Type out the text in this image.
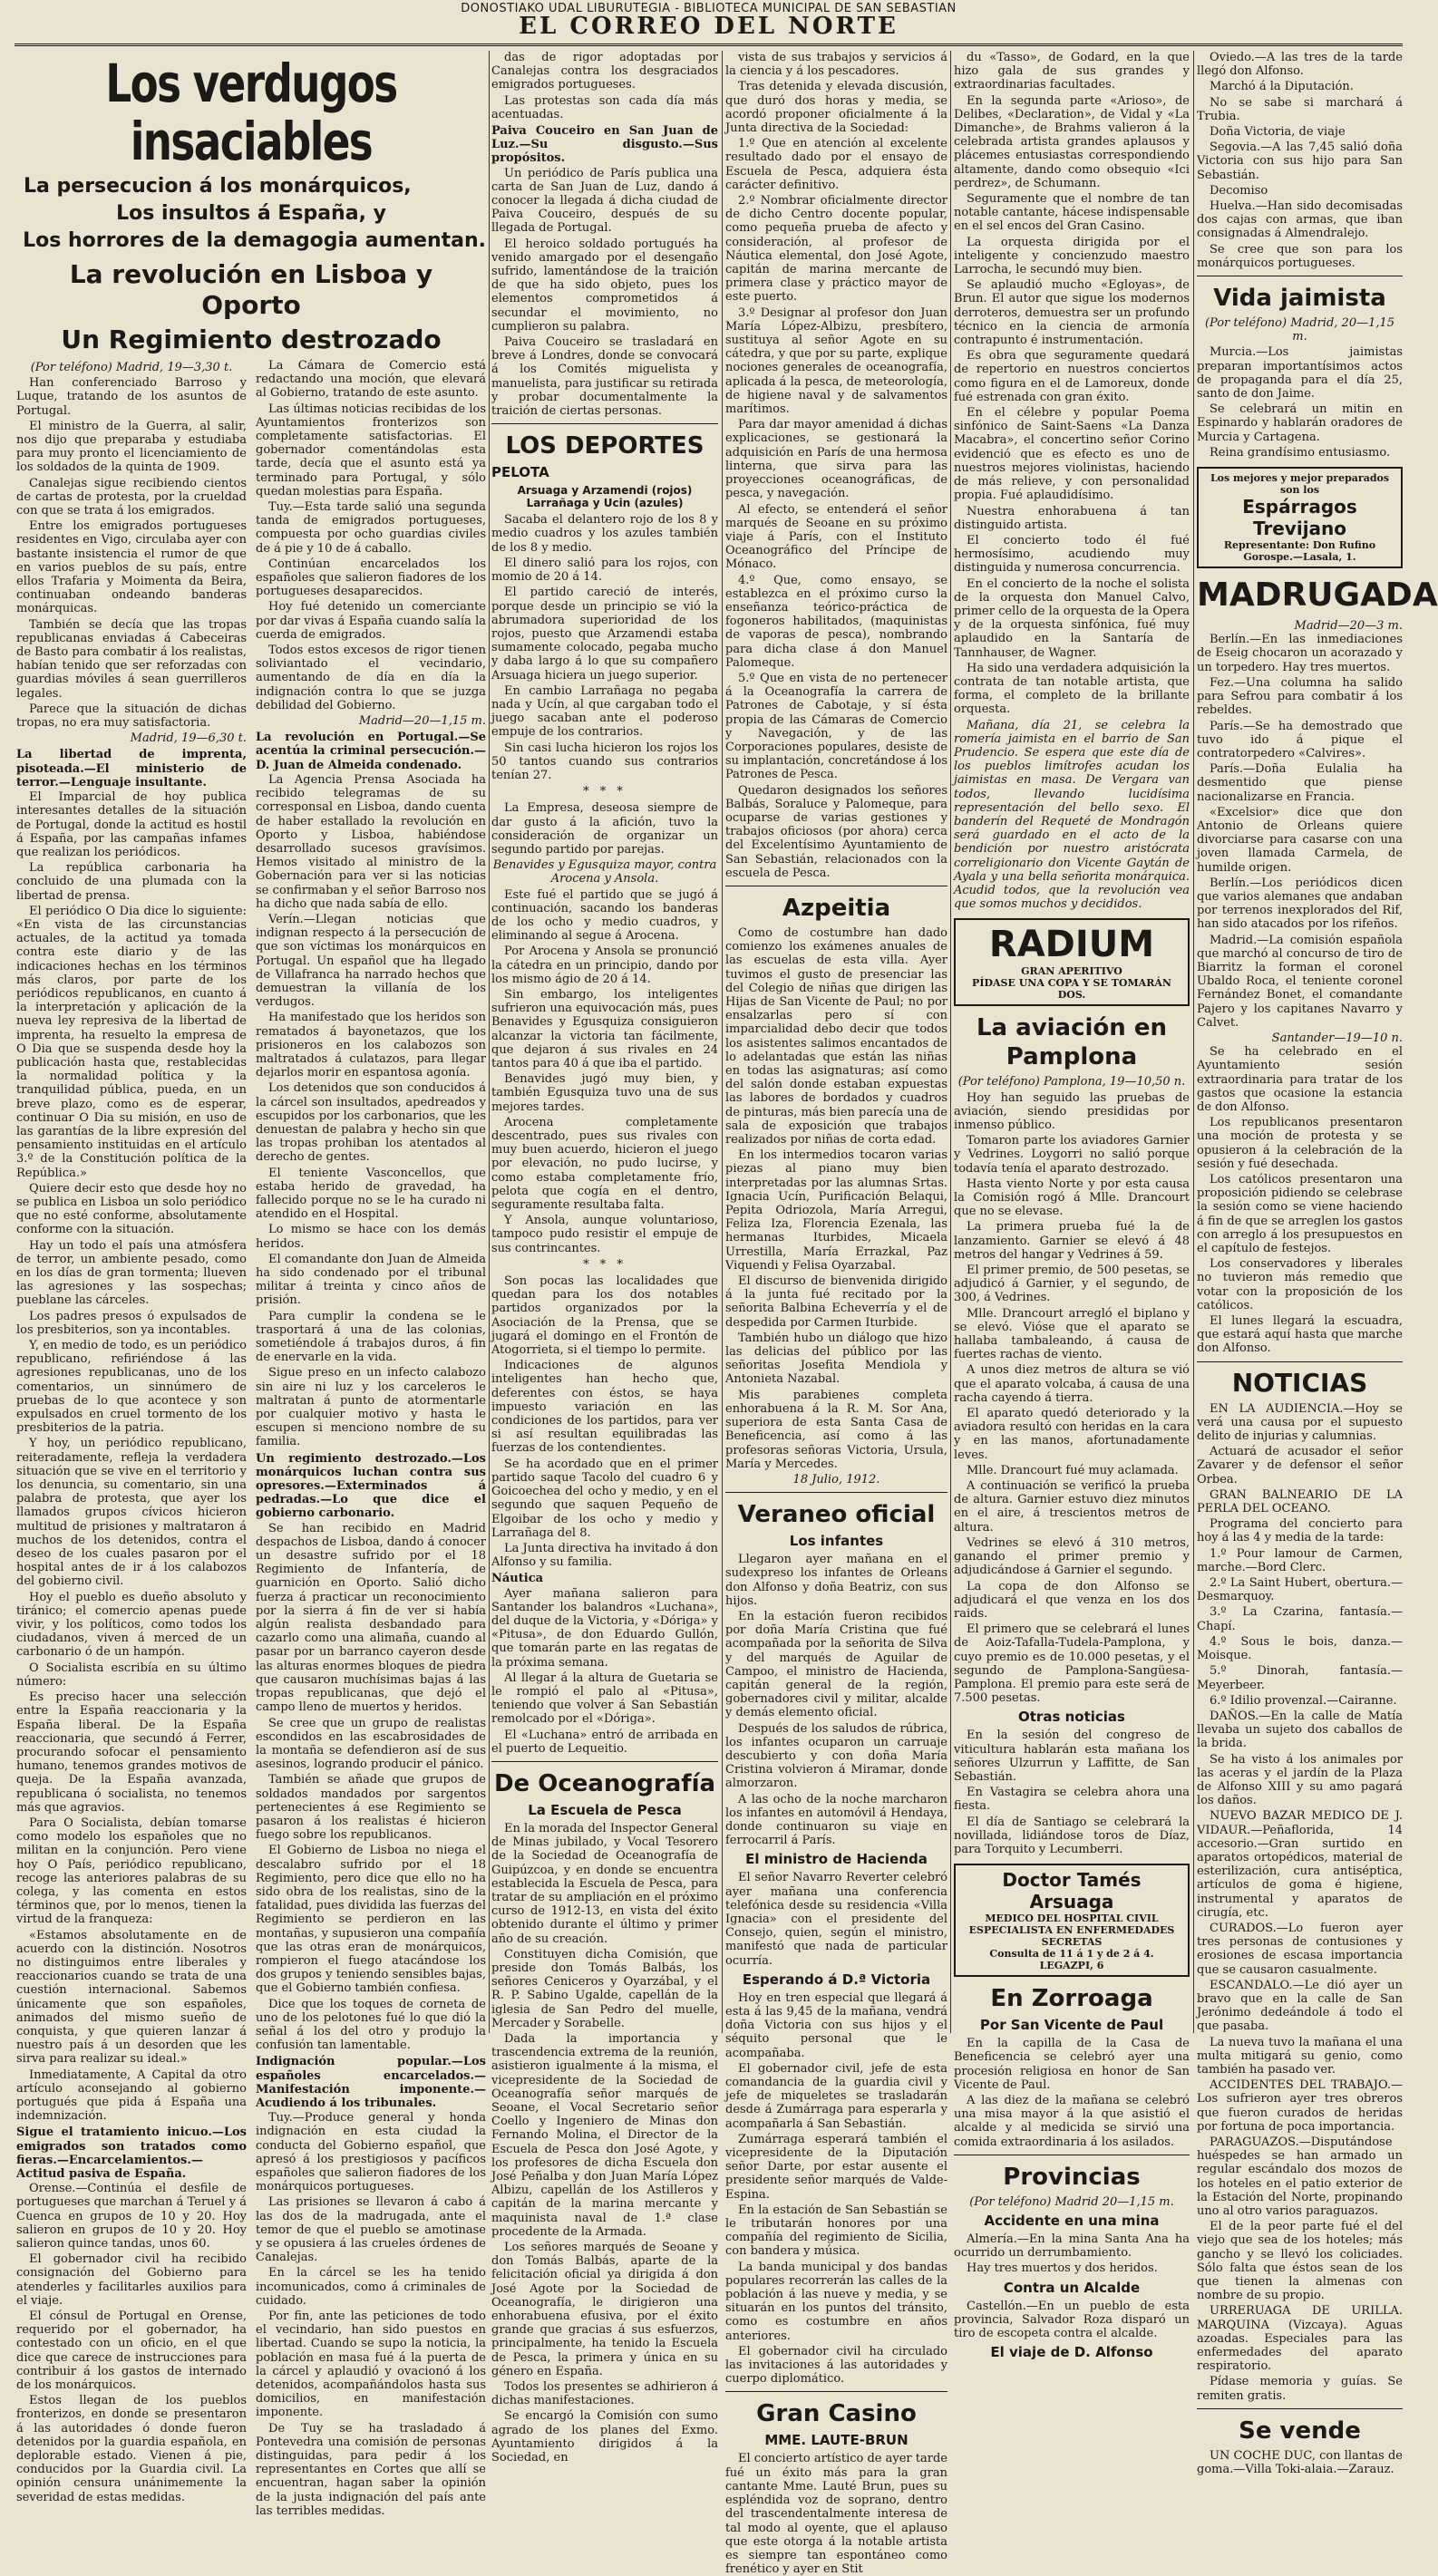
DONOSTIAKO UDAL LIBURUTEGIA - BIBLIOTECA MUNICIPAL DE SAN SEBASTIAN
EL CORREO DEL NORTE
Los verdugos insaciables
La persecucion á los monárquicos,
Los insultos á España, y
Los horrores de la demagogia aumentan.
La revolución en Lisboa y Oporto
Un Regimiento destrozado
(Por teléfono) Madrid, 19—3,30 t.

Han conferenciado Barroso y Luque, tratando de los asuntos de Portugal.

El ministro de la Guerra, al salir, nos dijo que preparaba y estudiaba para muy pronto el licenciamiento de los soldados de la quinta de 1909.

Canalejas sigue recibiendo cientos de cartas de protesta, por la crueldad con que se trata á los emigrados.

Entre los emigrados portugueses residentes en Vigo, circulaba ayer con bastante insistencia el rumor de que en varios pueblos de su país, entre ellos Trafaria y Moimenta da Beira, continuaban ondeando banderas monárquicas.

También se decía que las tropas republicanas enviadas á Cabeceiras de Basto para combatir á los realistas, habían tenido que ser reforzadas con guardias móviles á sean guerrilleros legales.

Parece que la situación de dichas tropas, no era muy satisfactoria.

Madrid, 19—6,30 t.
La libertad de imprenta, pisoteada.—El ministerio de terror.—Lenguaje insultante.

El Imparcial de hoy publica interesantes detalles de la situación de Portugal, donde la actitud es hostil á España, por las campañas infames que realizan los periódicos.

La república carbonaria ha concluido de una plumada con la libertad de prensa.

El periódico O Dia dice lo siguiente: «En vista de las circunstancias actuales, de la actitud ya tomada contra este diario y de las indicaciones hechas en los términos más claros, por parte de los periódicos republicanos, en cuanto á la interpretación y aplicación de la nueva ley represiva de la libertad de imprenta, ha resuelto la empresa de O Dia que se suspenda desde hoy la publicación hasta que, restablecidas la normalidad política y la tranquilidad pública, pueda, en un breve plazo, como es de esperar, continuar O Dia su misión, en uso de las garantías de la libre expresión del pensamiento instituidas en el artículo 3.º de la Constitución política de la República.»

Quiere decir esto que desde hoy no se publica en Lisboa un solo periódico que no esté conforme, absolutamente conforme con la situación.

Hay un todo el país una atmósfera de terror, un ambiente pesado, como en los días de gran tormenta; llueven las agresiones y las sospechas; pueblane las cárceles.

Los padres presos ó expulsados de los presbiterios, son ya incontables.

Y, en medio de todo, es un periódico republicano, refiriéndose á las agresiones republicanas, uno de los comentarios, un sinnúmero de pruebas de lo que acontece y son expulsados en cruel tormento de los presbiterios de la patria.

Y hoy, un periódico republicano, reiteradamente, refleja la verdadera situación que se vive en el territorio y los denuncia, su comentario, sin una palabra de protesta, que ayer los llamados grupos cívicos hicieron multitud de prisiones y maltrataron á muchos de los detenidos, contra el deseo de los cuales pasaron por el hospital antes de ir á los calabozos del gobierno civil.

Hoy el pueblo es dueño absoluto y tiránico; el comercio apenas puede vivir, y los políticos, como todos los ciudadanos, viven á merced de un carbonario ó de un hampón.

O Socialista escribía en su último número:

Es preciso hacer una selección entre la España reaccionaria y la España liberal. De la España reaccionaria, que secundó á Ferrer, procurando sofocar el pensamiento humano, tenemos grandes motivos de queja. De la España avanzada, republicana ó socialista, no tenemos más que agravios.

Para O Socialista, debían tomarse como modelo los españoles que no militan en la conjunción. Pero viene hoy O País, periódico republicano, recoge las anteriores palabras de su colega, y las comenta en estos términos que, por lo menos, tienen la virtud de la franqueza:

«Estamos absolutamente en de acuerdo con la distinción. Nosotros no distinguimos entre liberales y reaccionarios cuando se trata de una cuestión internacional. Sabemos únicamente que son españoles, animados del mismo sueño de conquista, y que quieren lanzar á nuestro país á un desorden que les sirva para realizar su ideal.»

Inmediatamente, A Capital da otro artículo aconsejando al gobierno portugués que pida á España una indemnización.

Sigue el tratamiento inicuo.—Los emigrados son tratados como fieras.—Encarcelamientos.—Actitud pasiva de España.

Orense.—Continúa el desfile de portugueses que marchan á Teruel y á Cuenca en grupos de 10 y 20. Hoy salieron en grupos de 10 y 20. Hoy salieron quince tandas, unos 60.

El gobernador civil ha recibido consignación del Gobierno para atenderles y facilitarles auxilios para el viaje.

El cónsul de Portugal en Orense, requerido por el gobernador, ha contestado con un oficio, en el que dice que carece de instrucciones para contribuir á los gastos de internado de los monárquicos.

Estos llegan de los pueblos fronterizos, en donde se presentaron á las autoridades ó donde fueron detenidos por la guardia española, en deplorable estado. Vienen á pie, conducidos por la Guardia civil. La opinión censura unánimemente la severidad de estas medidas.

La Cámara de Comercio está redactando una moción, que elevará al Gobierno, tratando de este asunto.

Las últimas noticias recibidas de los Ayuntamientos fronterizos son completamente satisfactorias. El gobernador comentándolas esta tarde, decía que el asunto está ya terminado para Portugal, y sólo quedan molestias para España.

Tuy.—Esta tarde salió una segunda tanda de emigrados portugueses, compuesta por ocho guardias civiles de á pie y 10 de á caballo.

Continúan encarcelados los españoles que salieron fiadores de los portugueses desaparecidos.

Hoy fué detenido un comerciante por dar vivas á España cuando salía la cuerda de emigrados.

Todos estos excesos de rigor tienen soliviantado el vecindario, aumentando de día en día la indignación contra lo que se juzga debilidad del Gobierno.

Madrid—20—1,15 m.
La revolución en Portugal.—Se acentúa la criminal persecución.—D. Juan de Almeida condenado.

La Agencia Prensa Asociada ha recibido telegramas de su corresponsal en Lisboa, dando cuenta de haber estallado la revolución en Oporto y Lisboa, habiéndose desarrollado sucesos gravísimos. Hemos visitado al ministro de la Gobernación para ver si las noticias se confirmaban y el señor Barroso nos ha dicho que nada sabía de ello.

Verín.—Llegan noticias que indignan respecto á la persecución de que son víctimas los monárquicos en Portugal. Un español que ha llegado de Villafranca ha narrado hechos que demuestran la villanía de los verdugos.

Ha manifestado que los heridos son rematados á bayonetazos, que los prisioneros en los calabozos son maltratados á culatazos, para llegar dejarlos morir en espantosa agonía.

Los detenidos que son conducidos á la cárcel son insultados, apedreados y escupidos por los carbonarios, que les denuestan de palabra y hecho sin que las tropas prohiban los atentados al derecho de gentes.

El teniente Vasconcellos, que estaba herido de gravedad, ha fallecido porque no se le ha curado ni atendido en el Hospital.

Lo mismo se hace con los demás heridos.

El comandante don Juan de Almeida ha sido condenado por el tribunal militar á treinta y cinco años de prisión.

Para cumplir la condena se le trasportará á una de las colonias, sometiéndole á trabajos duros, á fin de enervarle en la vida.

Sigue preso en un infecto calabozo sin aire ni luz y los carceleros le maltratan á punto de atormentarle por cualquier motivo y hasta le escupen si menciono nombre de su familia.

Un regimiento destrozado.—Los monárquicos luchan contra sus opresores.—Exterminados á pedradas.—Lo que dice el gobierno carbonario.

Se han recibido en Madrid despachos de Lisboa, dando á conocer un desastre sufrido por el 18 Regimiento de Infantería, de guarnición en Oporto. Salió dicho fuerza á practicar un reconocimiento por la sierra á fin de ver si había algún realista desbandado para cazarlo como una alimaña, cuando al pasar por un barranco cayeron desde las alturas enormes bloques de piedra que causaron muchísimas bajas á las tropas republicanas, que dejó el campo lleno de muertos y heridos.

Se cree que un grupo de realistas escondidos en las escabrosidades de la montaña se defendieron así de sus asesinos, logrando producir el pánico.

También se añade que grupos de soldados mandados por sargentos pertenecientes á ese Regimiento se pasaron á los realistas é hicieron fuego sobre los republicanos.

El Gobierno de Lisboa no niega el descalabro sufrido por el 18 Regimiento, pero dice que ello no ha sido obra de los realistas, sino de la fatalidad, pues dividida las fuerzas del Regimiento se perdieron en las montañas, y supusieron una compañía que las otras eran de monárquicos, rompieron el fuego atacándose los dos grupos y teniendo sensibles bajas, que el Gobierno también confiesa.

Dice que los toques de corneta de uno de los pelotones fué lo que dió la señal á los del otro y produjo la confusión tan lamentable.

Indignación popular.—Los españoles encarcelados.—Manifestación imponente.—Acudiendo á los tribunales.

Tuy.—Produce general y honda indignación en esta ciudad la conducta del Gobierno español, que apresó á los prestigiosos y pacíficos españoles que salieron fiadores de los monárquicos portugueses.

Las prisiones se llevaron á cabo á las dos de la madrugada, ante el temor de que el pueblo se amotinase y se opusiera á las crueles órdenes de Canalejas.

En la cárcel se les ha tenido incomunicados, como á criminales de cuidado.

Por fin, ante las peticiones de todo el vecindario, han sido puestos en libertad. Cuando se supo la noticia, la población en masa fué á la puerta de la cárcel y aplaudió y ovacionó á los detenidos, acompañándolos hasta sus domicilios, en manifestación imponente.

De Tuy se ha trasladado á Pontevedra una comisión de personas distinguidas, para pedir á los representantes en Cortes que allí se encuentran, hagan saber la opinión de la justa indignación del país ante las terribles medidas.

das de rigor adoptadas por Canalejas contra los desgraciados emigrados portugueses.

Las protestas son cada día más acentuadas.

Paiva Couceiro en San Juan de Luz.—Su disgusto.—Sus propósitos.

Un periódico de París publica una carta de San Juan de Luz, dando á conocer la llegada á dicha ciudad de Paiva Couceiro, después de su llegada de Portugal.

El heroico soldado portugués ha venido amargado por el desengaño sufrido, lamentándose de la traición de que ha sido objeto, pues los elementos comprometidos á secundar el movimiento, no cumplieron su palabra.

Paiva Couceiro se trasladará en breve á Londres, donde se convocará á los Comités miguelista y manuelista, para justificar su retirada y probar documentalmente la traición de ciertas personas.

LOS DEPORTES
PELOTA
Arsuaga y Arzamendi (rojos) Larrañaga y Ucin (azules)

Sacaba el delantero rojo de los 8 y medio cuadros y los azules también de los 8 y medio.

El dinero salió para los rojos, con momio de 20 á 14.

El partido careció de interés, porque desde un principio se vió la abrumadora superioridad de los rojos, puesto que Arzamendi estaba sumamente colocado, pegaba mucho y daba largo á lo que su compañero Arsuaga hiciera un juego superior.

En cambio Larrañaga no pegaba nada y Ucín, al que cargaban todo el juego sacaban ante el poderoso empuje de los contrarios.

Sin casi lucha hicieron los rojos los 50 tantos cuando sus contrarios tenían 27.

* * *

La Empresa, deseosa siempre de dar gusto á la afición, tuvo la consideración de organizar un segundo partido por parejas.

Benavides y Egusquiza mayor, contra Arocena y Ansola.

Este fué el partido que se jugó á continuación, sacando los banderas de los ocho y medio cuadros, y eliminando al segue á Arocena.

Por Arocena y Ansola se pronunció la cátedra en un principio, dando por los mismo ágio de 20 á 14.

Sin embargo, los inteligentes sufrieron una equivocación más, pues Benavides y Egusquiza consiguieron alcanzar la victoria tan fácilmente, que dejaron á sus rivales en 24 tantos para 40 á que iba el partido.

Benavides jugó muy bien, y también Egusquiza tuvo una de sus mejores tardes.

Arocena completamente descentrado, pues sus rivales con muy buen acuerdo, hicieron el juego por elevación, no pudo lucirse, y como estaba completamente frío, pelota que cogía en el dentro, seguramente resultaba falta.

Y Ansola, aunque voluntarioso, tampoco pudo resistir el empuje de sus contrincantes.

* * *

Son pocas las localidades que quedan para los dos notables partidos organizados por la Asociación de la Prensa, que se jugará el domingo en el Frontón de Atogorrieta, si el tiempo lo permite.

Indicaciones de algunos inteligentes han hecho que, deferentes con éstos, se haya impuesto variación en las condiciones de los partidos, para ver si así resultan equilibradas las fuerzas de los contendientes.

Se ha acordado que en el primer partido saque Tacolo del cuadro 6 y Goicoechea del ocho y medio, y en el segundo que saquen Pequeño de Elgoibar de los ocho y medio y Larrañaga del 8.

La Junta directiva ha invitado á don Alfonso y su familia.

Náutica

Ayer mañana salieron para Santander los balandros «Luchana», del duque de la Victoria, y «Dóriga» y «Pitusa», de don Eduardo Gullón, que tomarán parte en las regatas de la próxima semana.

Al llegar á la altura de Guetaria se le rompió el palo al «Pitusa», teniendo que volver á San Sebastián remolcado por el «Dóriga».

El «Luchana» entró de arribada en el puerto de Lequeitio.

De Oceanografía
La Escuela de Pesca

En la morada del Inspector General de Minas jubilado, y Vocal Tesorero de la Sociedad de Oceanografía de Guipúzcoa, y en donde se encuentra establecida la Escuela de Pesca, para tratar de su ampliación en el próximo curso de 1912-13, en vista del éxito obtenido durante el último y primer año de su creación.

Constituyen dicha Comisión, que preside don Tomás Balbás, los señores Ceniceros y Oyarzábal, y el R. P. Sabino Ugalde, capellán de la iglesia de San Pedro del muelle, Mercader y Sorabelle.

Dada la importancia y trascendencia extrema de la reunión, asistieron igualmente á la misma, el vicepresidente de la Sociedad de Oceanografía señor marqués de Seoane, el Vocal Secretario señor Coello y Ingeniero de Minas don Fernando Molina, el Director de la Escuela de Pesca don José Agote, y los profesores de dicha Escuela don José Peñalba y don Juan María López Albizu, capellán de los Astilleros y capitán de la marina mercante y maquinista naval de 1.ª clase procedente de la Armada.

Los señores marqués de Seoane y don Tomás Balbás, aparte de la felicitación oficial ya dirigida á don José Agote por la Sociedad de Oceanografía, le dirigieron una enhorabuena efusiva, por el éxito grande que gracias á sus esfuerzos, principalmente, ha tenido la Escuela de Pesca, la primera y única en su género en España.

Todos los presentes se adhirieron á dichas manifestaciones.

Se encargó la Comisión con sumo agrado de los planes del Exmo. Ayuntamiento dirigidos á la Sociedad, en

vista de sus trabajos y servicios á la ciencia y á los pescadores.

Tras detenida y elevada discusión, que duró dos horas y media, se acordó proponer oficialmente á la Junta directiva de la Sociedad:

1.º Que en atención al excelente resultado dado por el ensayo de Escuela de Pesca, adquiera ésta carácter definitivo.

2.º Nombrar oficialmente director de dicho Centro docente popular, como pequeña prueba de afecto y consideración, al profesor de Náutica elemental, don José Agote, capitán de marina mercante de primera clase y práctico mayor de este puerto.

3.º Designar al profesor don Juan María López-Albizu, presbítero, sustituya al señor Agote en su cátedra, y que por su parte, explique nociones generales de oceanografía, aplicada á la pesca, de meteorología, de higiene naval y de salvamentos marítimos.

Para dar mayor amenidad á dichas explicaciones, se gestionará la adquisición en París de una hermosa linterna, que sirva para las proyecciones oceanográficas, de pesca, y navegación.

Al efecto, se entenderá el señor marqués de Seoane en su próximo viaje á París, con el Instituto Oceanográfico del Príncipe de Mónaco.

4.º Que, como ensayo, se establezca en el próximo curso la enseñanza teórico-práctica de fogoneros habilitados, (maquinistas de vaporas de pesca), nombrando para dicha clase á don Manuel Palomeque.

5.º Que en vista de no pertenecer á la Oceanografía la carrera de Patrones de Cabotaje, y sí ésta propia de las Cámaras de Comercio y Navegación, y de las Corporaciones populares, desiste de su implantación, concretándose á los Patrones de Pesca.

Quedaron designados los señores Balbás, Soraluce y Palomeque, para ocuparse de varias gestiones y trabajos oficiosos (por ahora) cerca del Excelentísimo Ayuntamiento de San Sebastián, relacionados con la escuela de Pesca.

Azpeitia

Como de costumbre han dado comienzo los exámenes anuales de las escuelas de esta villa. Ayer tuvimos el gusto de presenciar las del Colegio de niñas que dirigen las Hijas de San Vicente de Paul; no por ensalzarlas pero sí con imparcialidad debo decir que todos los asistentes salimos encantados de lo adelantadas que están las niñas en todas las asignaturas; así como del salón donde estaban expuestas las labores de bordados y cuadros de pinturas, más bien parecía una de sala de exposición que trabajos realizados por niñas de corta edad.

En los intermedios tocaron varias piezas al piano muy bien interpretadas por las alumnas Srtas. Ignacia Ucín, Purificación Belaqui, Pepita Odriozola, María Arregui, Feliza Iza, Florencia Ezenala, las hermanas Iturbides, Micaela Urrestilla, María Errazkal, Paz Viquendi y Felisa Oyarzabal.

El discurso de bienvenida dirigido á la junta fué recitado por la señorita Balbina Echeverría y el de despedida por Carmen Iturbide.

También hubo un diálogo que hizo las delicias del público por las señoritas Josefita Mendiola y Antonieta Nazabal.

Mis parabienes completa enhorabuena á la R. M. Sor Ana, superiora de esta Santa Casa de Beneficencia, así como á las profesoras señoras Victoria, Ursula, María y Mercedes.

18 Julio, 1912.
Veraneo oficial
Los infantes

Llegaron ayer mañana en el sudexpreso los infantes de Orleans don Alfonso y doña Beatriz, con sus hijos.

En la estación fueron recibidos por doña María Cristina que fué acompañada por la señorita de Silva y del marqués de Aguilar de Campoo, el ministro de Hacienda, capitán general de la región, gobernadores civil y militar, alcalde y demás elemento oficial.

Después de los saludos de rúbrica, los infantes ocuparon un carruaje descubierto y con doña María Cristina volvieron á Miramar, donde almorzaron.

A las ocho de la noche marcharon los infantes en automóvil á Hendaya, donde continuaron su viaje en ferrocarril á París.

El ministro de Hacienda

El señor Navarro Reverter celebró ayer mañana una conferencia telefónica desde su residencia «Villa Ignacia» con el presidente del Consejo, quien, según el ministro, manifestó que nada de particular ocurría.

Esperando á D.ª Victoria

Hoy en tren especial que llegará á esta á las 9,45 de la mañana, vendrá doña Victoria con sus hijos y el séquito personal que le acompañaba.

El gobernador civil, jefe de esta comandancia de la guardia civil y jefe de miqueletes se trasladarán desde á Zumárraga para esperarla y acompañarla á San Sebastián.

Zumárraga esperará también el vicepresidente de la Diputación señor Darte, por estar ausente el presidente señor marqués de Valde-Espina.

En la estación de San Sebastián se le tributarán honores por una compañía del regimiento de Sicilia, con bandera y música.

La banda municipal y dos bandas populares recorrerán las calles de la población á las nueve y media, y se situarán en los puntos del tránsito, como es costumbre en años anteriores.

El gobernador civil ha circulado las invitaciones á las autoridades y cuerpo diplomático.

Gran Casino
MME. LAUTE-BRUN

El concierto artístico de ayer tarde fué un éxito más para la gran cantante Mme. Lauté Brun, pues su espléndida voz de soprano, dentro del trascendentalmente interesa de tal modo al oyente, que el aplauso que este otorga á la notable artista es siempre tan espontáneo como frenético y ayer en Stit

du «Tasso», de Godard, en la que hizo gala de sus grandes y extraordinarias facultades.

En la segunda parte «Arioso», de Delibes, «Declaration», de Vidal y «La Dimanche», de Brahms valieron á la celebrada artista grandes aplausos y plácemes entusiastas correspondiendo altamente, dando como obsequio «Ici perdrez», de Schumann.

Seguramente que el nombre de tan notable cantante, hácese indispensable en el sel encos del Gran Casino.

La orquesta dirigida por el inteligente y concienzudo maestro Larrocha, le secundó muy bien.

Se aplaudió mucho «Egloyas», de Brun. El autor que sigue los modernos derroteros, demuestra ser un profundo técnico en la ciencia de armonía contrapunto é instrumentación.

Es obra que seguramente quedará de repertorio en nuestros conciertos como figura en el de Lamoreux, donde fué estrenada con gran éxito.

En el célebre y popular Poema sinfónico de Saint-Saens «La Danza Macabra», el concertino señor Corino evidenció que es efecto es uno de nuestros mejores violinistas, haciendo de más relieve, y con personalidad propia. Fué aplaudidísimo.

Nuestra enhorabuena á tan distinguido artista.

El concierto todo él fué hermosísimo, acudiendo muy distinguida y numerosa concurrencia.

En el concierto de la noche el solista de la orquesta don Manuel Calvo, primer cello de la orquesta de la Opera y de la orquesta sinfónica, fué muy aplaudido en la Santaría de Tannhauser, de Wagner.

Ha sido una verdadera adquisición la contrata de tan notable artista, que forma, el completo de la brillante orquesta.

Mañana, día 21, se celebra la romería jaimista en el barrio de San Prudencio. Se espera que este día de los pueblos limítrofes acudan los jaimistas en masa. De Vergara van todos, llevando lucidísima representación del bello sexo. El banderín del Requeté de Mondragón será guardado en el acto de la bendición por nuestro aristócrata correligionario don Vicente Gaytán de Ayala y una bella señorita monárquica. Acudid todos, que la revolución vea que somos muchos y decididos.

RADIUM
GRAN APERITIVO
PÍDASE UNA COPA Y SE TOMARÁN DOS.
La aviación en Pamplona
(Por teléfono) Pamplona, 19—10,50 n.

Hoy han seguido las pruebas de aviación, siendo presididas por inmenso público.

Tomaron parte los aviadores Garnier y Vedrines. Loygorri no salió porque todavía tenía el aparato destrozado.

Hasta viento Norte y por esta causa la Comisión rogó á Mlle. Drancourt que no se elevase.

La primera prueba fué la de lanzamiento. Garnier se elevó á 48 metros del hangar y Vedrines á 59.

El primer premio, de 500 pesetas, se adjudicó á Garnier, y el segundo, de 300, á Vedrines.

Mlle. Drancourt arregló el biplano y se elevó. Vióse que el aparato se hallaba tambaleando, á causa de fuertes rachas de viento.

A unos diez metros de altura se vió que el aparato volcaba, á causa de una racha cayendo á tierra.

El aparato quedó deteriorado y la aviadora resultó con heridas en la cara y en las manos, afortunadamente leves.

Mlle. Drancourt fué muy aclamada.

A continuación se verificó la prueba de altura. Garnier estuvo diez minutos en el aire, á trescientos metros de altura.

Vedrines se elevó á 310 metros, ganando el primer premio y adjudicándose á Garnier el segundo.

La copa de don Alfonso se adjudicará el que venza en los dos raids.

El primero que se celebrará el lunes de Aoiz-Tafalla-Tudela-Pamplona, y cuyo premio es de 10.000 pesetas, y el segundo de Pamplona-Sangüesa-Pamplona. El premio para este será de 7.500 pesetas.

Otras noticias

En la sesión del congreso de viticultura hablarán esta mañana los señores Ulzurrun y Laffitte, de San Sebastián.

En Vastagira se celebra ahora una fiesta.

El día de Santiago se celebrará la novillada, lidiándose toros de Díaz, para Torquito y Lecumberri.

Doctor Tamés Arsuaga
MEDICO DEL HOSPITAL CIVIL
ESPECIALISTA EN ENFERMEDADES SECRETAS
Consulta de 11 á 1 y de 2 á 4.
LEGAZPI, 6
En Zorroaga
Por San Vicente de Paul

En la capilla de la Casa de Beneficencia se celebró ayer una procesión religiosa en honor de San Vicente de Paul.

A las diez de la mañana se celebró una misa mayor á la que asistió el alcalde y al medicida se sirvió una comida extraordinaria á los asilados.

Provincias
(Por teléfono) Madrid 20—1,15 m.
Accidente en una mina

Almería.—En la mina Santa Ana ha ocurrido un derrumbamiento.

Hay tres muertos y dos heridos.

Contra un Alcalde

Castellón.—En un pueblo de esta provincia, Salvador Roza disparó un tiro de escopeta contra el alcalde.

El viaje de D. Alfonso

Oviedo.—A las tres de la tarde llegó don Alfonso.

Marchó á la Diputación.

No se sabe si marchará á Trubia.

Doña Victoria, de viaje

Segovia.—A las 7,45 salió doña Victoria con sus hijo para San Sebastián.

Decomiso

Huelva.—Han sido decomisadas dos cajas con armas, que iban consignadas á Almendralejo.

Se cree que son para los monárquicos portugueses.

Vida jaimista
(Por teléfono) Madrid, 20—1,15 m.

Murcia.—Los jaimistas preparan importantísimos actos de propaganda para el día 25, santo de don Jaime.

Se celebrará un mitin en Espinardo y hablarán oradores de Murcia y Cartagena.

Reina grandísimo entusiasmo.

Los mejores y mejor preparados son los
Espárragos Trevijano
Representante: Don Rufino Gorospe.—Lasala, 1.
MADRUGADA
Madrid—20—3 m.

Berlín.—En las inmediaciones de Eseig chocaron un acorazado y un torpedero. Hay tres muertos.

Fez.—Una columna ha salido para Sefrou para combatir á los rebeldes.

París.—Se ha demostrado que tuvo ido á pique el contratorpedero «Calvires».

París.—Doña Eulalia ha desmentido que piense nacionalizarse en Francia.

«Excelsior» dice que don Antonio de Orleans quiere divorciarse para casarse con una joven llamada Carmela, de humilde origen.

Berlín.—Los periódicos dicen que varios alemanes que andaban por terrenos inexplorados del Rif, han sido atacados por los rifeños.

Madrid.—La comisión española que marchó al concurso de tiro de Biarritz la forman el coronel Ubaldo Roca, el teniente coronel Fernández Bonet, el comandante Pajero y los capitanes Navarro y Calvet.

Santander—19—10 n.

Se ha celebrado en el Ayuntamiento sesión extraordinaria para tratar de los gastos que ocasione la estancia de don Alfonso.

Los republicanos presentaron una moción de protesta y se opusieron á la celebración de la sesión y fué desechada.

Los católicos presentaron una proposición pidiendo se celebrase la sesión como se viene haciendo á fin de que se arreglen los gastos con arreglo á los presupuestos en el capítulo de festejos.

Los conservadores y liberales no tuvieron más remedio que votar con la proposición de los católicos.

El lunes llegará la escuadra, que estará aquí hasta que marche don Alfonso.

NOTICIAS

EN LA AUDIENCIA.—Hoy se verá una causa por el supuesto delito de injurias y calumnias.

Actuará de acusador el señor Zavarer y de defensor el señor Orbea.

GRAN BALNEARIO DE LA PERLA DEL OCEANO.

Programa del concierto para hoy á las 4 y media de la tarde:

1.º Pour lamour de Carmen, marche.—Bord Clerc.

2.º La Saint Hubert, obertura.—Desmarquoy.

3.º La Czarina, fantasía.—Chapí.

4.º Sous le bois, danza.—Moisque.

5.º Dinorah, fantasía.—Meyerbeer.

6.º Idilio provenzal.—Cairanne.

DAÑOS.—En la calle de Matía llevaba un sujeto dos caballos de la brida.

Se ha visto á los animales por las aceras y el jardín de la Plaza de Alfonso XIII y su amo pagará los daños.

NUEVO BAZAR MEDICO DE J. VIDAUR.—Peñaflorida, 14 accesorio.—Gran surtido en aparatos ortopédicos, material de esterilización, cura antiséptica, artículos de goma é higiene, instrumental y aparatos de cirugía, etc.

CURADOS.—Lo fueron ayer tres personas de contusiones y erosiones de escasa importancia que se causaron casualmente.

ESCANDALO.—Le dió ayer un bravo que en la calle de San Jerónimo dedeándole á todo el que pasaba.

La nueva tuvo la mañana el una multa mitigará su genio, como también ha pasado ver.

ACCIDENTES DEL TRABAJO.—Los sufrieron ayer tres obreros que fueron curados de heridas por fortuna de poca importancia.

PARAGUAZOS.—Disputándose huéspedes se han armado un regular escándalo dos mozos de los hoteles en el patio exterior de la Estación del Norte, propinando uno al otro varios paraguazos.

El de la peor parte fué el del viejo que sea de los hoteles; más gancho y se llevó los coliciades. Sólo falta que éstos sean de los que tienen la almenas con nombre de su propio.

URRERUAGA DE URILLA. MARQUINA (Vizcaya). Aguas azoadas. Especiales para las enfermedades del aparato respiratorio.

Pídase memoria y guías. Se remiten gratis.

Se vende

UN COCHE DUC, con llantas de goma.—Villa Toki-alaia.—Zarauz.
